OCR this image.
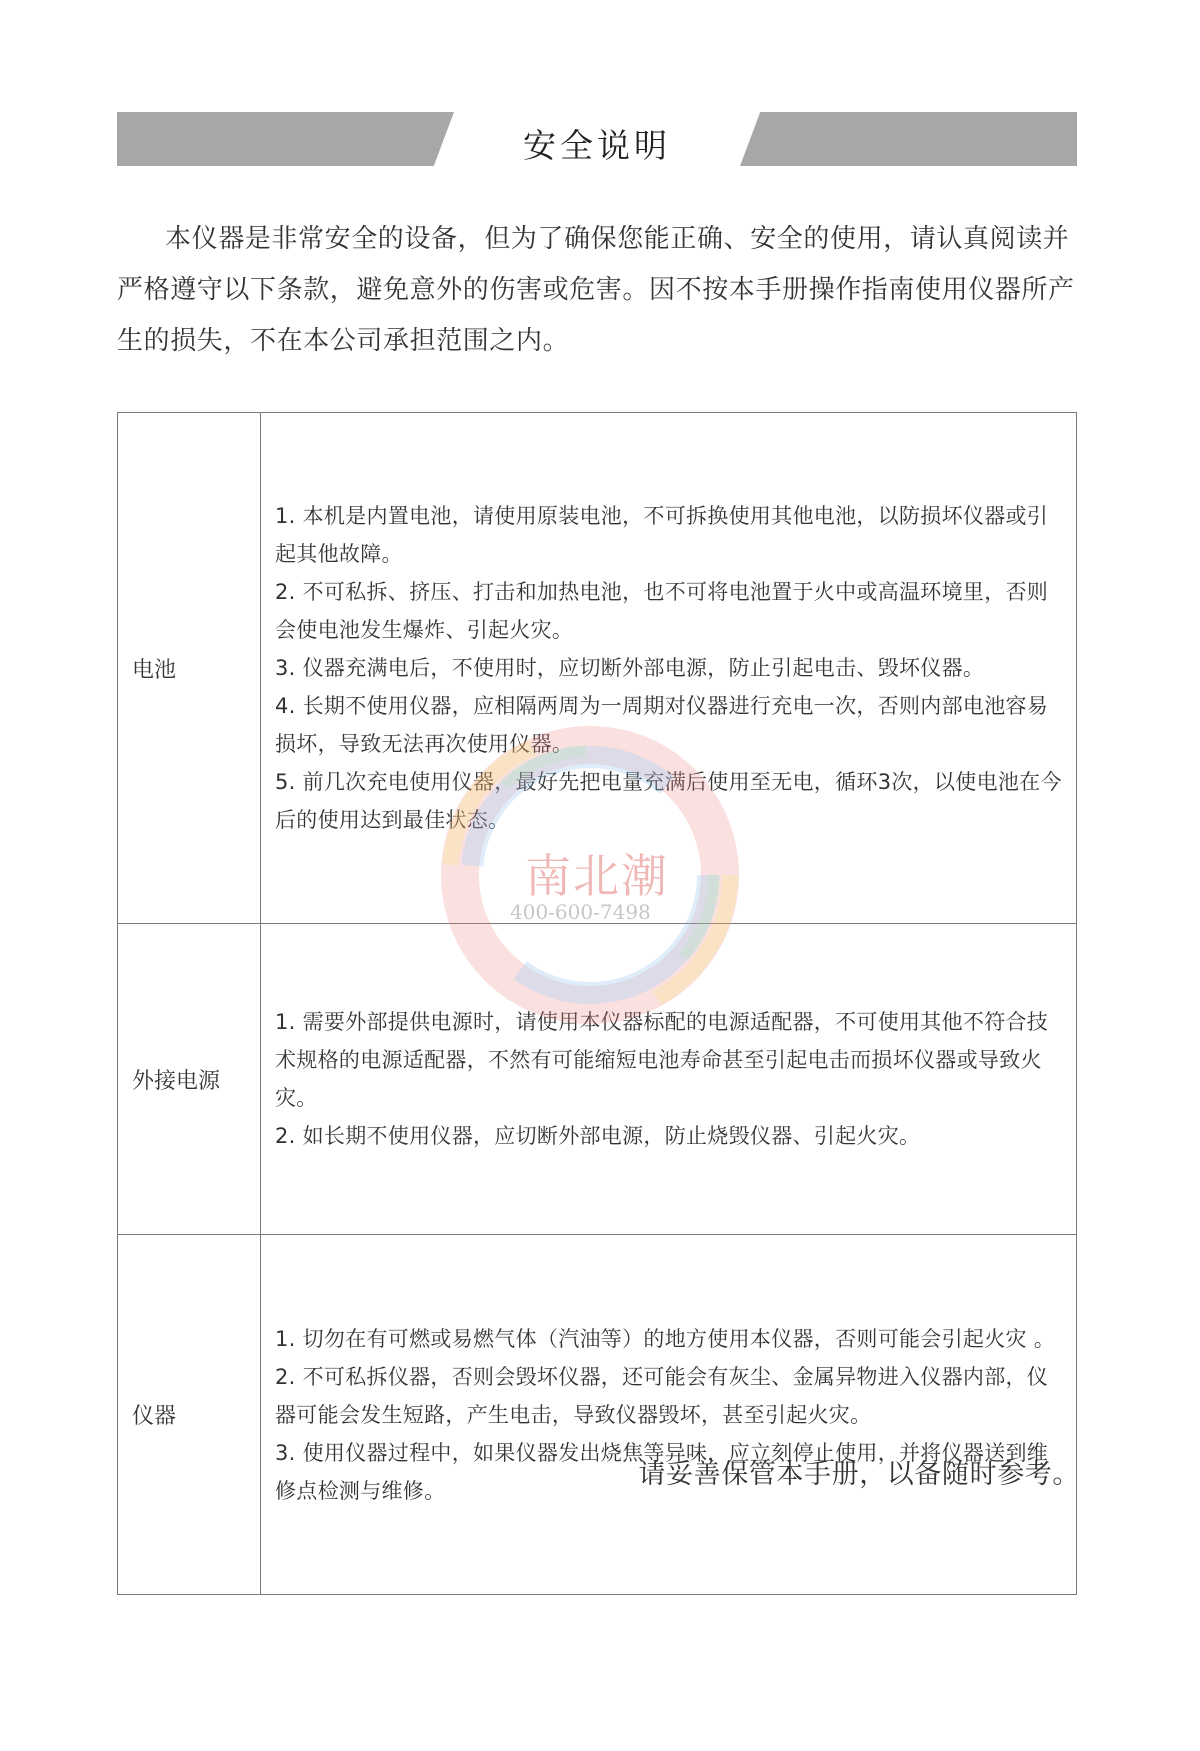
安全说明

本仪器是非常安全的设备，但为了确保您能正确、安全的使用，请认真阅读并严格遵守以下条款，避免意外的伤害或危害。因不按本手册操作指南使用仪器所产生的损失，不在本公司承担范围之内。

电池	1. 本机是内置电池，请使用原装电池，不可拆换使用其他电池，以防损坏仪器或引起其他故障。

2. 不可私拆、挤压、打击和加热电池，也不可将电池置于火中或高温环境里，否则会使电池发生爆炸、引起火灾。

3. 仪器充满电后，不使用时，应切断外部电源，防止引起电击、毁坏仪器。

4. 长期不使用仪器，应相隔两周为一周期对仪器进行充电一次，否则内部电池容易损坏，导致无法再次使用仪器。

5. 前几次充电使用仪器，最好先把电量充满后使用至无电，循环3次，以使电池在今后的使用达到最佳状态。

外接电源	1. 需要外部提供电源时，请使用本仪器标配的电源适配器，不可使用其他不符合技术规格的电源适配器，不然有可能缩短电池寿命甚至引起电击而损坏仪器或导致火灾。

2. 如长期不使用仪器，应切断外部电源，防止烧毁仪器、引起火灾。

仪器	1. 切勿在有可燃或易燃气体（汽油等）的地方使用本仪器，否则可能会引起火灾 。

2. 不可私拆仪器，否则会毁坏仪器，还可能会有灰尘、金属异物进入仪器内部，仪器可能会发生短路，产生电击，导致仪器毁坏，甚至引起火灾。

3. 使用仪器过程中，如果仪器发出烧焦等异味，应立刻停止使用，并将仪器送到维修点检测与维修。

南北潮
400-600-7498
请妥善保管本手册，以备随时参考。
